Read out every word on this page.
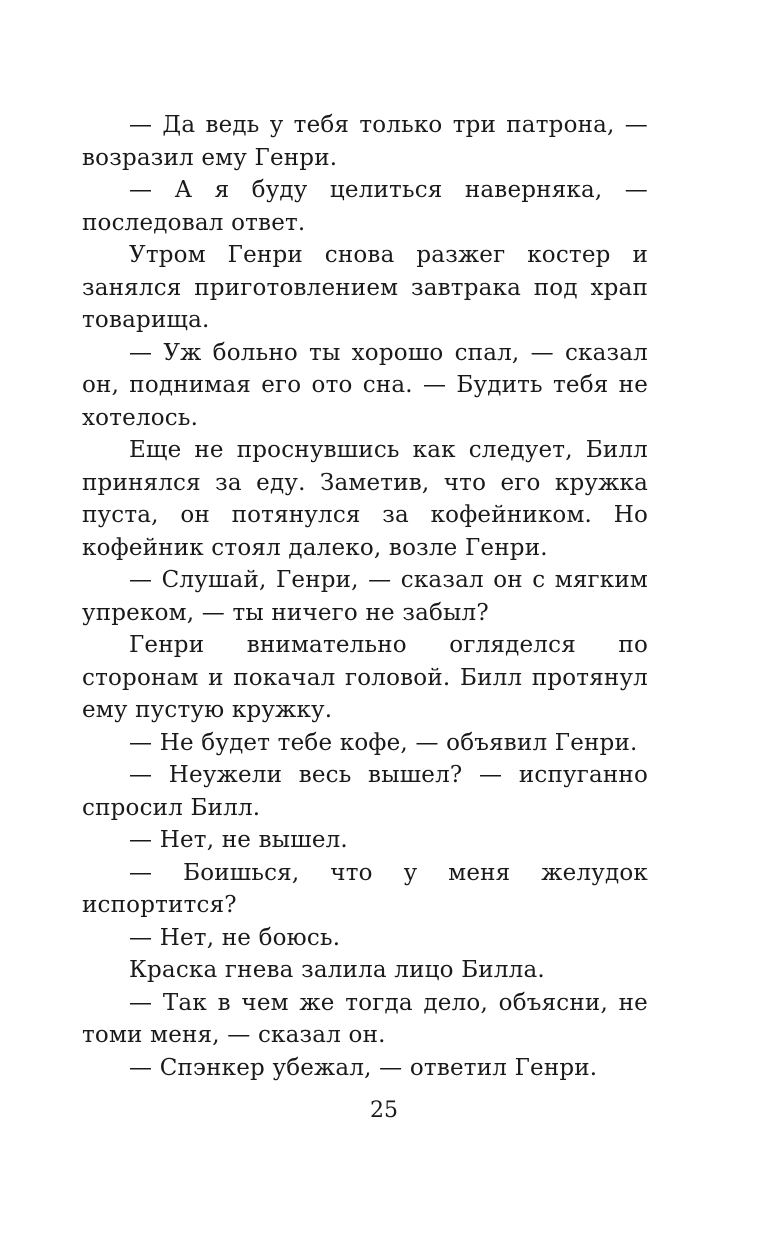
— Да ведь у тебя только три патрона, — возразил ему Генри.

— А я буду целиться наверняка, — последовал ответ.

Утром Генри снова разжег костер и занялся приготовлением завтрака под храп товарища.

— Уж больно ты хорошо спал, — сказал он, поднимая его ото сна. — Будить тебя не хотелось.

Еще не проснувшись как следует, Билл принялся за еду. Заметив, что его кружка пуста, он потянулся за кофейником. Но кофейник стоял далеко, возле Генри.

— Слушай, Генри, — сказал он с мягким упреком, — ты ничего не забыл?

Генри внимательно огляделся по сторонам и покачал головой. Билл протянул ему пустую кружку.

— Не будет тебе кофе, — объявил Генри.

— Неужели весь вышел? — испуганно спросил Билл.

— Нет, не вышел.

— Боишься, что у меня желудок испортится?

— Нет, не боюсь.

Краска гнева залила лицо Билла.

— Так в чем же тогда дело, объясни, не томи меня, — сказал он.

— Спэнкер убежал, — ответил Генри.

25
